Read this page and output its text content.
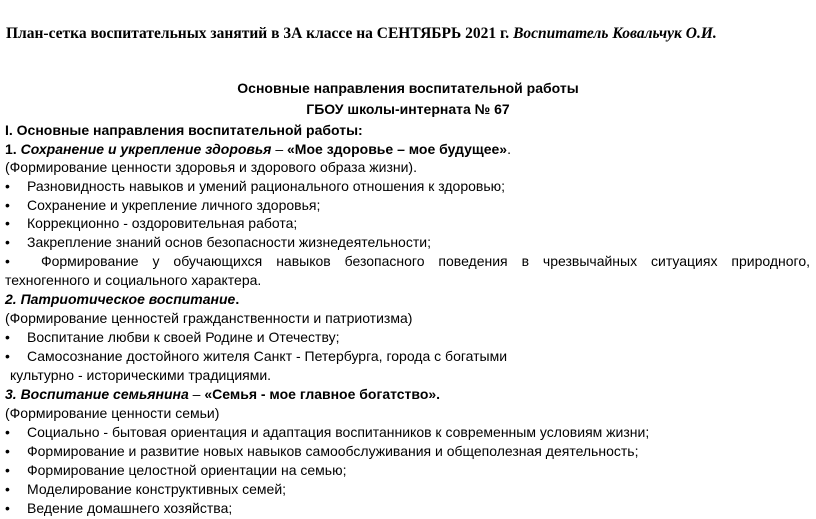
План-сетка воспитательных занятий в 3А классе на СЕНТЯБРЬ 2021 г. Воспитатель Ковальчук О.И.
Основные направления воспитательной работы
ГБОУ школы-интерната № 67
I. Основные направления воспитательной работы:
1. Сохранение и укрепление здоровья – «Мое здоровье – мое будущее».
(Формирование ценности здоровья и здорового образа жизни).
• Разновидность навыков и умений рационального отношения к здоровью;
• Сохранение и укрепление личного здоровья;
• Коррекционно - оздоровительная работа;
• Закрепление знаний основ безопасности жизнедеятельности;
• Формирование у обучающихся навыков безопасного поведения в чрезвычайных ситуациях природного,
техногенного и социального характера.
2. Патриотическое воспитание.
(Формирование ценностей гражданственности и патриотизма)
• Воспитание любви к своей Родине и Отечеству;
• Самосознание достойного жителя Санкт - Петербурга, города с богатыми
культурно - историческими традициями.
3. Воспитание семьянина – «Семья - мое главное богатство».
(Формирование ценности семьи)
• Социально - бытовая ориентация и адаптация воспитанников к современным условиям жизни;
• Формирование и развитие новых навыков самообслуживания и общеполезная деятельность;
• Формирование целостной ориентации на семью;
• Моделирование конструктивных семей;
• Ведение домашнего хозяйства;
